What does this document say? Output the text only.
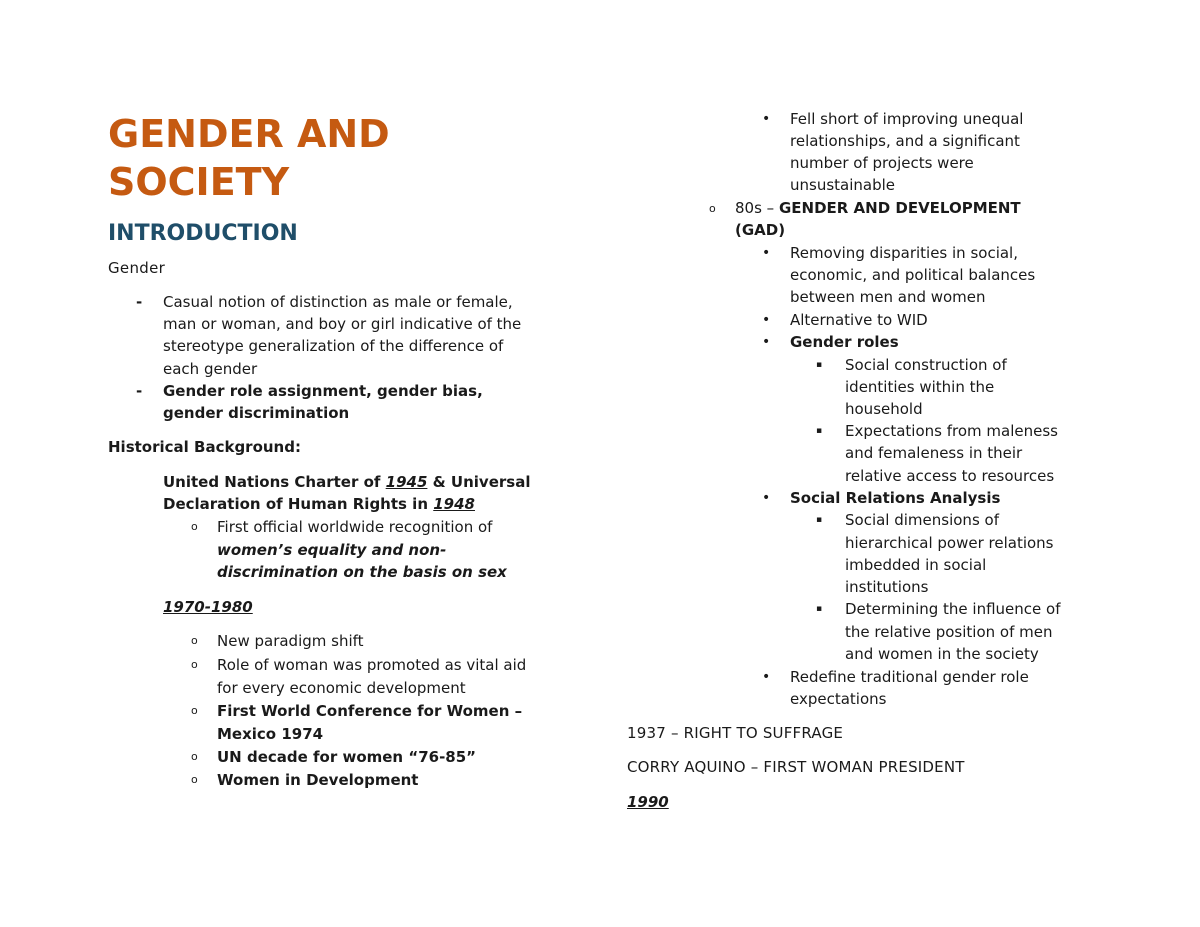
GENDER AND
SOCIETY
INTRODUCTION
Gender
- Casual notion of distinction as male or female,
man or woman, and boy or girl indicative of the
stereotype generalization of the difference of
each gender
- Gender role assignment, gender bias,
gender discrimination
Historical Background:
United Nations Charter of 1945 & Universal
Declaration of Human Rights in 1948
o First official worldwide recognition of
women’s equality and non-
discrimination on the basis on sex
1970-1980
o New paradigm shift
o Role of woman was promoted as vital aid
for every economic development
o First World Conference for Women –
Mexico 1974
o UN decade for women “76-85”
o Women in Development
• Fell short of improving unequal
relationships, and a significant
number of projects were
unsustainable
o 80s – GENDER AND DEVELOPMENT
(GAD)
• Removing disparities in social,
economic, and political balances
between men and women
• Alternative to WID
• Gender roles
▪ Social construction of
identities within the
household
▪ Expectations from maleness
and femaleness in their
relative access to resources
• Social Relations Analysis
▪ Social dimensions of
hierarchical power relations
imbedded in social
institutions
▪ Determining the influence of
the relative position of men
and women in the society
• Redefine traditional gender role
expectations
1937 – RIGHT TO SUFFRAGE
CORRY AQUINO – FIRST WOMAN PRESIDENT
1990
